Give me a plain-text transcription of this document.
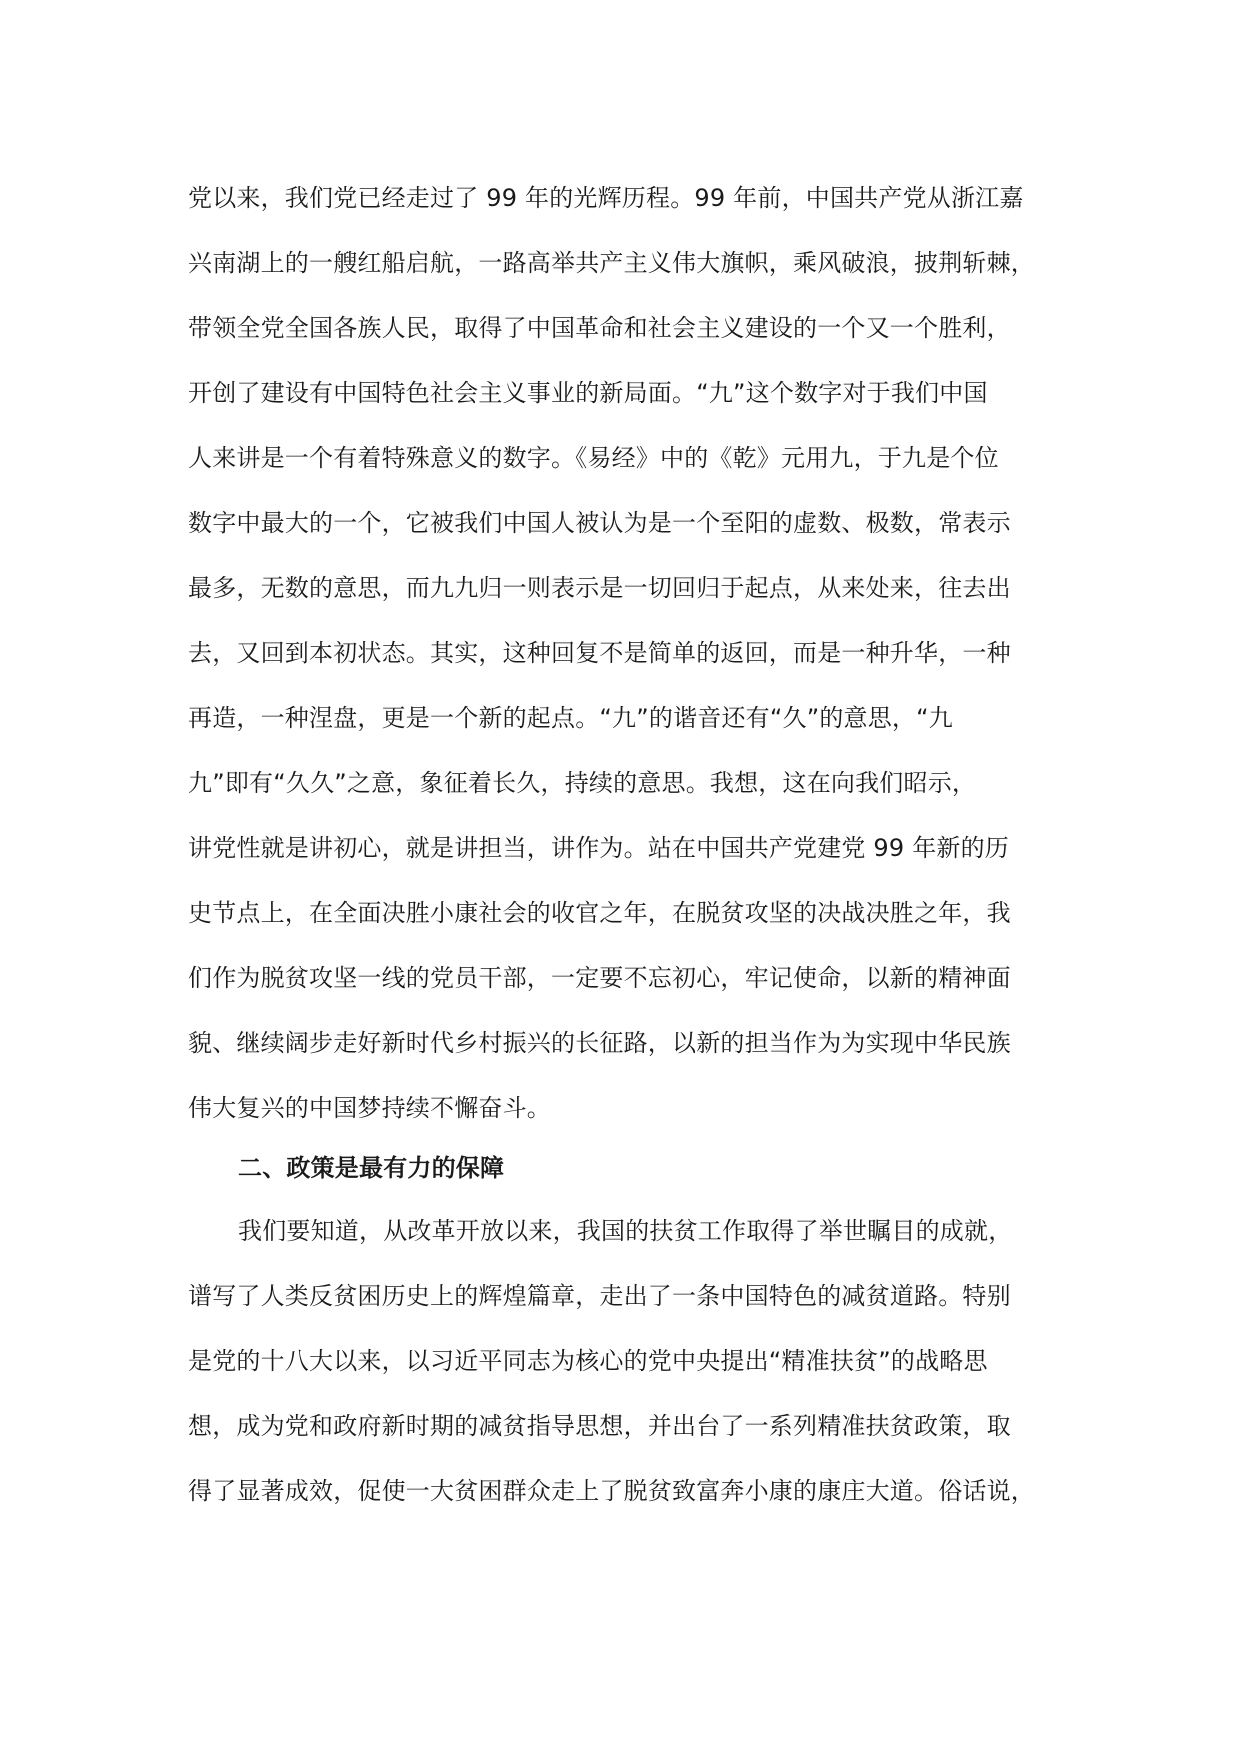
党以来，我们党已经走过了 99 年的光辉历程。99 年前，中国共产党从浙江嘉
兴南湖上的一艘红船启航，一路高举共产主义伟大旗帜，乘风破浪，披荆斩棘，
带领全党全国各族人民，取得了中国革命和社会主义建设的一个又一个胜利，
开创了建设有中国特色社会主义事业的新局面。“九”这个数字对于我们中国
人来讲是一个有着特殊意义的数字。《易经》中的《乾》元用九，于九是个位
数字中最大的一个，它被我们中国人被认为是一个至阳的虚数、极数，常表示
最多，无数的意思，而九九归一则表示是一切回归于起点，从来处来，往去出
去，又回到本初状态。其实，这种回复不是简单的返回，而是一种升华，一种
再造，一种涅盘，更是一个新的起点。“九”的谐音还有“久”的意思，“九
九”即有“久久”之意，象征着长久，持续的意思。我想，这在向我们昭示，
讲党性就是讲初心，就是讲担当，讲作为。站在中国共产党建党 99 年新的历
史节点上，在全面决胜小康社会的收官之年，在脱贫攻坚的决战决胜之年，我
们作为脱贫攻坚一线的党员干部，一定要不忘初心，牢记使命，以新的精神面
貌、继续阔步走好新时代乡村振兴的长征路，以新的担当作为为实现中华民族
伟大复兴的中国梦持续不懈奋斗。
二、政策是最有力的保障
我们要知道，从改革开放以来，我国的扶贫工作取得了举世瞩目的成就，
谱写了人类反贫困历史上的辉煌篇章，走出了一条中国特色的减贫道路。特别
是党的十八大以来，以习近平同志为核心的党中央提出“精准扶贫”的战略思
想，成为党和政府新时期的减贫指导思想，并出台了一系列精准扶贫政策，取
得了显著成效，促使一大贫困群众走上了脱贫致富奔小康的康庄大道。俗话说，
